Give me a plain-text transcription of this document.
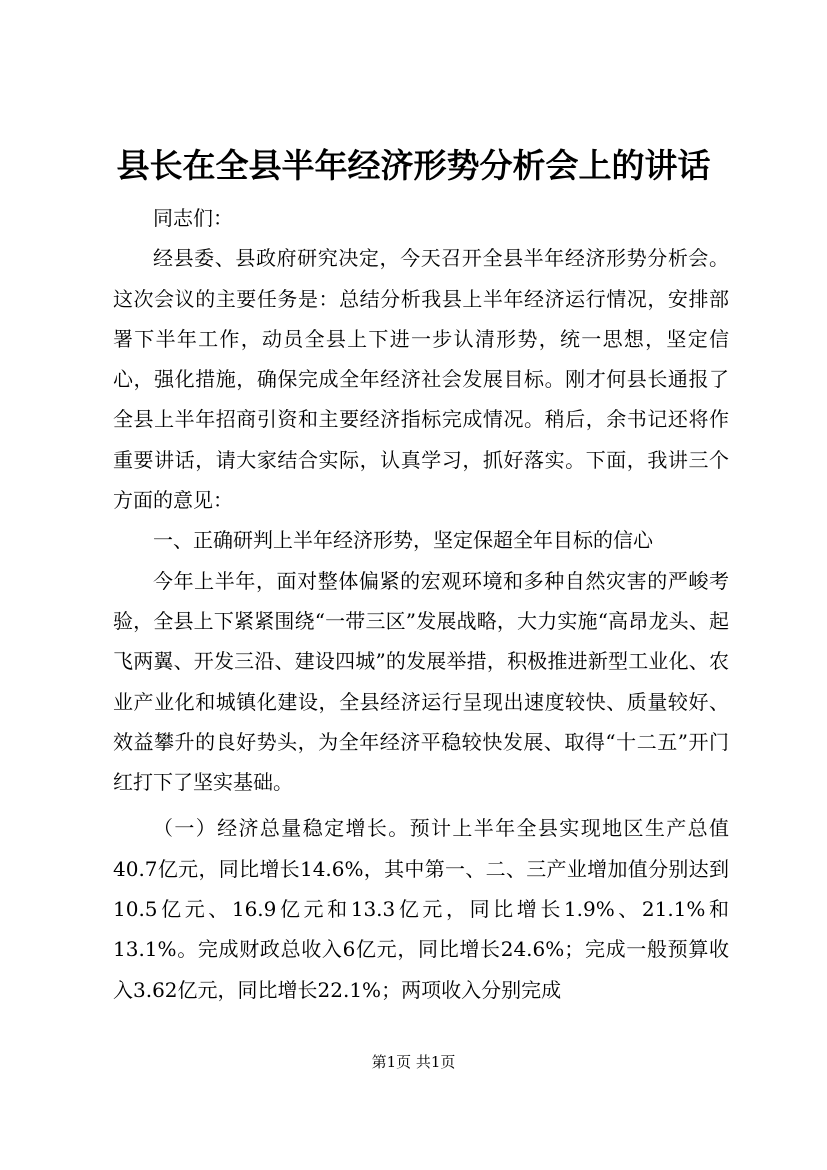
县长在全县半年经济形势分析会上的讲话

同志们：

经县委、县政府研究决定，今天召开全县半年经济形势分析会。这次会议的主要任务是：总结分析我县上半年经济运行情况，安排部署下半年工作，动员全县上下进一步认清形势，统一思想，坚定信心，强化措施，确保完成全年经济社会发展目标。刚才何县长通报了全县上半年招商引资和主要经济指标完成情况。稍后，余书记还将作重要讲话，请大家结合实际，认真学习，抓好落实。下面，我讲三个方面的意见：

一、正确研判上半年经济形势，坚定保超全年目标的信心

今年上半年，面对整体偏紧的宏观环境和多种自然灾害的严峻考验，全县上下紧紧围绕“一带三区”发展战略，大力实施“高昂龙头、起飞两翼、开发三沿、建设四城”的发展举措，积极推进新型工业化、农业产业化和城镇化建设，全县经济运行呈现出速度较快、质量较好、效益攀升的良好势头，为全年经济平稳较快发展、取得“十二五”开门红打下了坚实基础。

（一）经济总量稳定增长。预计上半年全县实现地区生产总值40.7亿元，同比增长14.6%，其中第一、二、三产业增加值分别达到10.5亿元、16.9亿元和13.3亿元，同比增长1.9%、21.1%和13.1%。完成财政总收入6亿元，同比增长24.6%；完成一般预算收入3.62亿元，同比增长22.1%；两项收入分别完成

第1页 共1页
